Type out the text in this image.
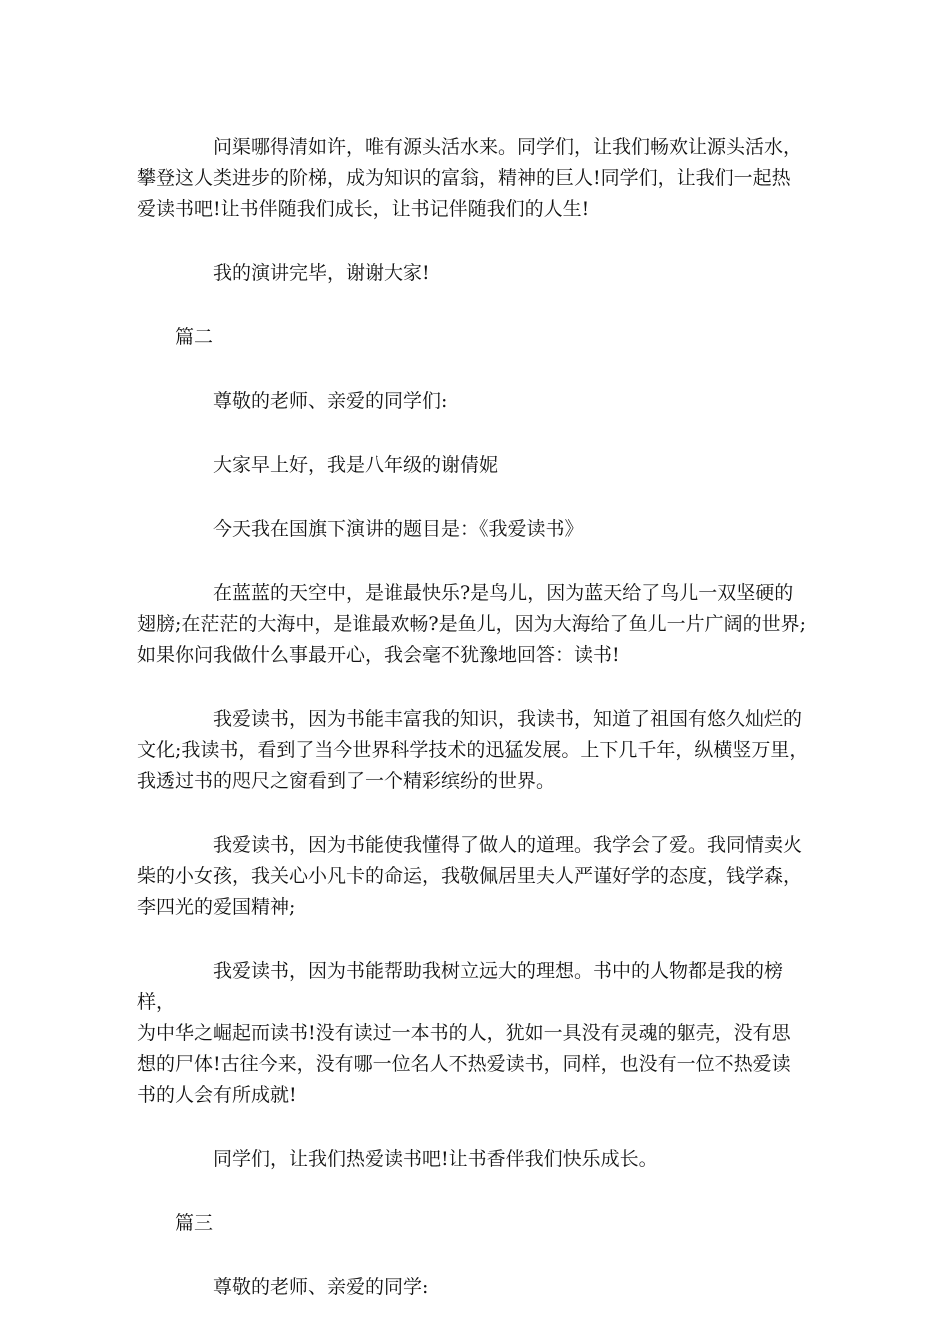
问渠哪得清如许，唯有源头活水来。同学们，让我们畅欢让源头活水，
攀登这人类进步的阶梯，成为知识的富翁，精神的巨人!同学们，让我们一起热
爱读书吧!让书伴随我们成长，让书记伴随我们的人生!

我的演讲完毕，谢谢大家!

篇二

尊敬的老师、亲爱的同学们:

大家早上好，我是八年级的谢倩妮

今天我在国旗下演讲的题目是：《我爱读书》

在蓝蓝的天空中，是谁最快乐?是鸟儿，因为蓝天给了鸟儿一双坚硬的
翅膀;在茫茫的大海中，是谁最欢畅?是鱼儿，因为大海给了鱼儿一片广阔的世界;
如果你问我做什么事最开心，我会毫不犹豫地回答：读书!

我爱读书，因为书能丰富我的知识，我读书，知道了祖国有悠久灿烂的
文化;我读书，看到了当今世界科学技术的迅猛发展。上下几千年，纵横竖万里，
我透过书的咫尺之窗看到了一个精彩缤纷的世界。

我爱读书，因为书能使我懂得了做人的道理。我学会了爱。我同情卖火
柴的小女孩，我关心小凡卡的命运，我敬佩居里夫人严谨好学的态度，钱学森，
李四光的爱国精神;

我爱读书，因为书能帮助我树立远大的理想。书中的人物都是我的榜样，
为中华之崛起而读书!没有读过一本书的人，犹如一具没有灵魂的躯壳，没有思
想的尸体!古往今来，没有哪一位名人不热爱读书，同样，也没有一位不热爱读
书的人会有所成就!

同学们，让我们热爱读书吧!让书香伴我们快乐成长。

篇三

尊敬的老师、亲爱的同学:
